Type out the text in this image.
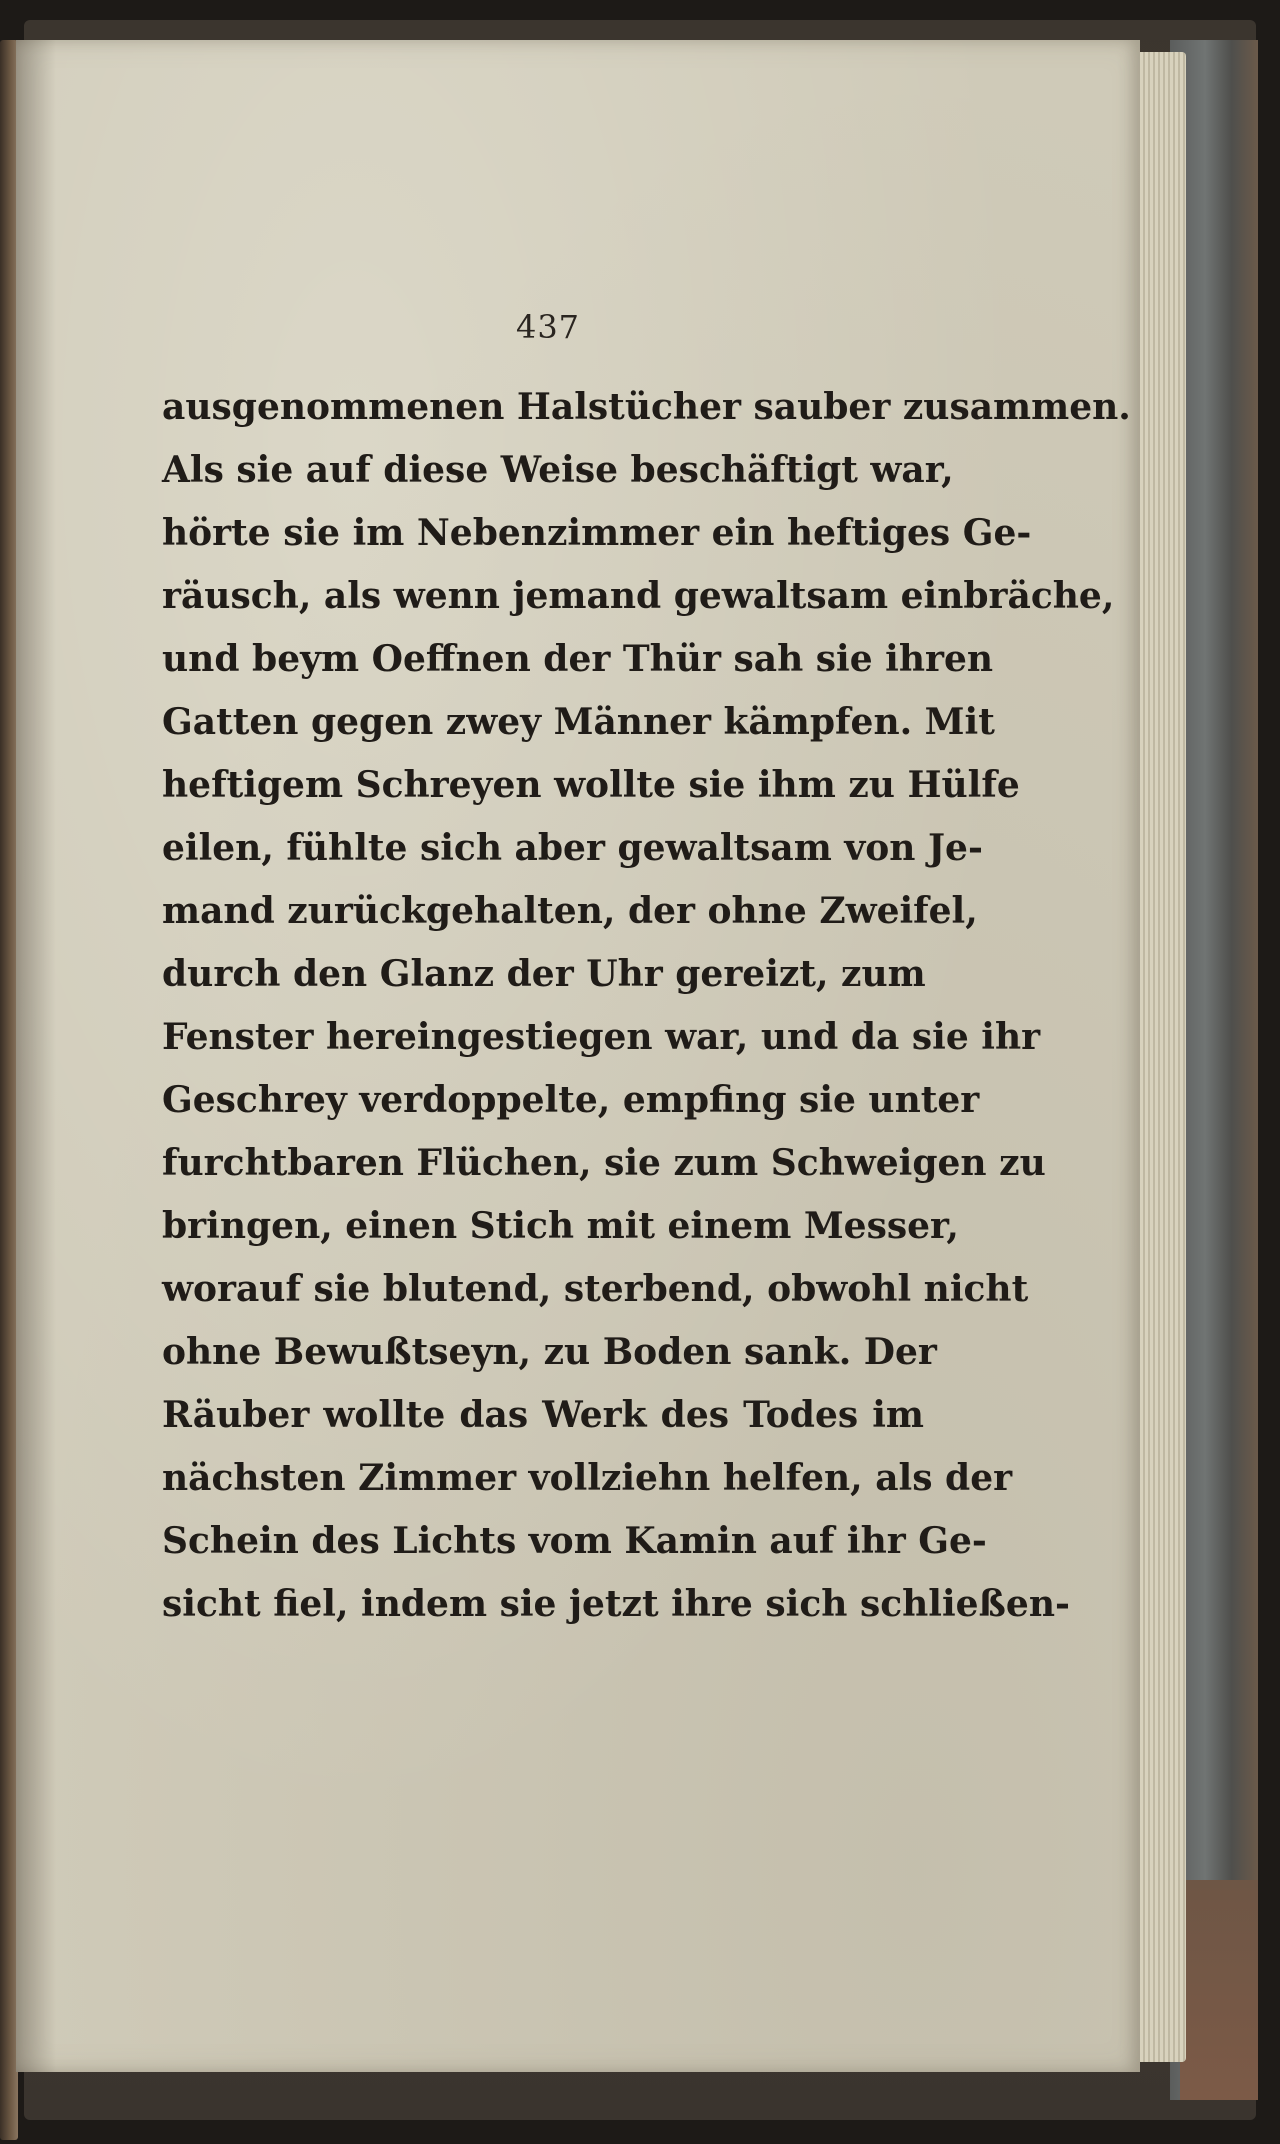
437
ausgenommenen Halstücher sauber zusammen.
Als sie auf diese Weise beschäftigt war,
hörte sie im Nebenzimmer ein heftiges Ge-
räusch, als wenn jemand gewaltsam einbräche,
und beym Oeffnen der Thür sah sie ihren
Gatten gegen zwey Männer kämpfen. Mit
heftigem Schreyen wollte sie ihm zu Hülfe
eilen, fühlte sich aber gewaltsam von Je-
mand zurückgehalten, der ohne Zweifel,
durch den Glanz der Uhr gereizt, zum
Fenster hereingestiegen war, und da sie ihr
Geschrey verdoppelte, empfing sie unter
furchtbaren Flüchen, sie zum Schweigen zu
bringen, einen Stich mit einem Messer,
worauf sie blutend, sterbend, obwohl nicht
ohne Bewußtseyn, zu Boden sank. Der
Räuber wollte das Werk des Todes im
nächsten Zimmer vollziehn helfen, als der
Schein des Lichts vom Kamin auf ihr Ge-
sicht fiel, indem sie jetzt ihre sich schließen-
